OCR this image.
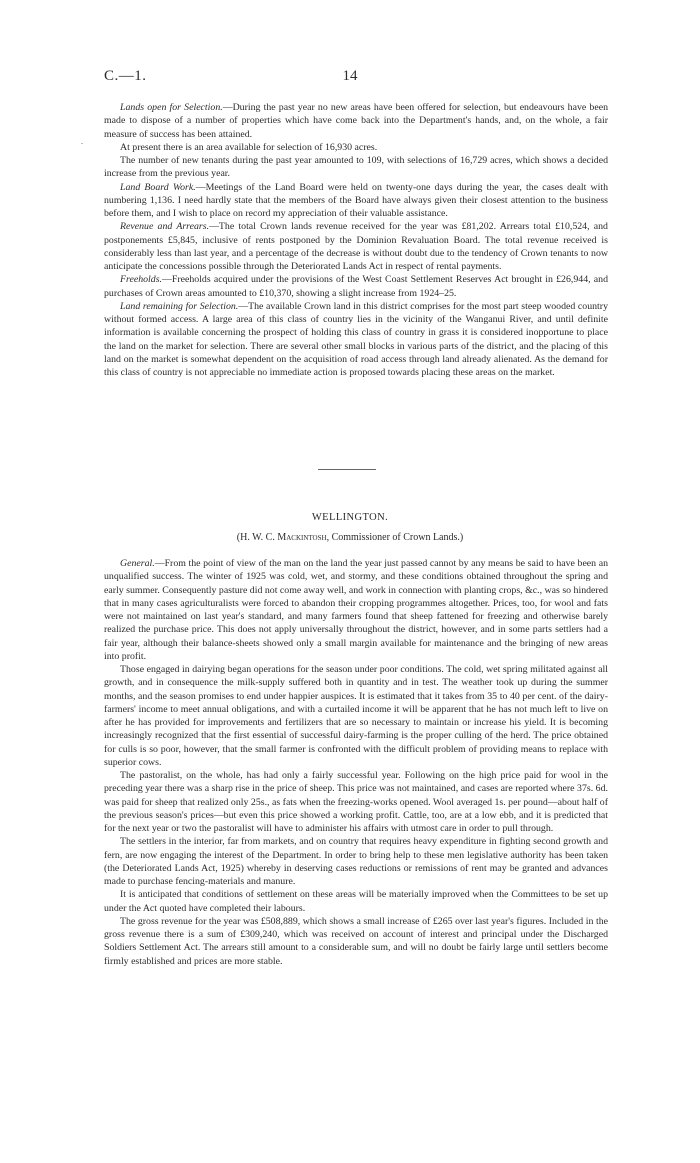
C.—1.	14
.

Lands open for Selection.—During the past year no new areas have been offered for selection, but endeavours have been made to dispose of a number of properties which have come back into the Department's hands, and, on the whole, a fair measure of success has been attained.

At present there is an area available for selection of 16,930 acres.

The number of new tenants during the past year amounted to 109, with selections of 16,729 acres, which shows a decided increase from the previous year.

Land Board Work.—Meetings of the Land Board were held on twenty-one days during the year, the cases dealt with numbering 1,136. I need hardly state that the members of the Board have always given their closest attention to the business before them, and I wish to place on record my appreciation of their valuable assistance.

Revenue and Arrears.—The total Crown lands revenue received for the year was £81,202. Arrears total £10,524, and postponements £5,845, inclusive of rents postponed by the Dominion Revaluation Board. The total revenue received is considerably less than last year, and a percentage of the decrease is without doubt due to the tendency of Crown tenants to now anticipate the concessions possible through the Deteriorated Lands Act in respect of rental payments.

Freeholds.—Freeholds acquired under the provisions of the West Coast Settlement Reserves Act brought in £26,944, and purchases of Crown areas amounted to £10,370, showing a slight increase from 1924–25.

Land remaining for Selection.—The available Crown land in this district comprises for the most part steep wooded country without formed access. A large area of this class of country lies in the vicinity of the Wanganui River, and until definite information is available concerning the prospect of holding this class of country in grass it is considered inopportune to place the land on the market for selection. There are several other small blocks in various parts of the district, and the placing of this land on the market is somewhat dependent on the acquisition of road access through land already alienated. As the demand for this class of country is not appreciable no immediate action is proposed towards placing these areas on the market.

WELLINGTON.
(H. W. C. Mackintosh, Commissioner of Crown Lands.)

General.—From the point of view of the man on the land the year just passed cannot by any means be said to have been an unqualified success. The winter of 1925 was cold, wet, and stormy, and these conditions obtained throughout the spring and early summer. Consequently pasture did not come away well, and work in connection with planting crops, &c., was so hindered that in many cases agriculturalists were forced to abandon their cropping programmes altogether. Prices, too, for wool and fats were not maintained on last year's standard, and many farmers found that sheep fattened for freezing and otherwise barely realized the purchase price. This does not apply universally throughout the district, however, and in some parts settlers had a fair year, although their balance-sheets showed only a small margin available for maintenance and the bringing of new areas into profit.

Those engaged in dairying began operations for the season under poor conditions. The cold, wet spring militated against all growth, and in consequence the milk-supply suffered both in quantity and in test. The weather took up during the summer months, and the season promises to end under happier auspices. It is estimated that it takes from 35 to 40 per cent. of the dairy-farmers' income to meet annual obligations, and with a curtailed income it will be apparent that he has not much left to live on after he has provided for improvements and fertilizers that are so necessary to maintain or increase his yield. It is becoming increasingly recognized that the first essential of successful dairy-farming is the proper culling of the herd. The price obtained for culls is so poor, however, that the small farmer is confronted with the difficult problem of providing means to replace with superior cows.

The pastoralist, on the whole, has had only a fairly successful year. Following on the high price paid for wool in the preceding year there was a sharp rise in the price of sheep. This price was not maintained, and cases are reported where 37s. 6d. was paid for sheep that realized only 25s., as fats when the freezing-works opened. Wool averaged 1s. per pound—about half of the previous season's prices—but even this price showed a working profit. Cattle, too, are at a low ebb, and it is predicted that for the next year or two the pastoralist will have to administer his affairs with utmost care in order to pull through.

The settlers in the interior, far from markets, and on country that requires heavy expenditure in fighting second growth and fern, are now engaging the interest of the Department. In order to bring help to these men legislative authority has been taken (the Deteriorated Lands Act, 1925) whereby in deserving cases reductions or remissions of rent may be granted and advances made to purchase fencing-materials and manure.

It is anticipated that conditions of settlement on these areas will be materially improved when the Committees to be set up under the Act quoted have completed their labours.

The gross revenue for the year was £508,889, which shows a small increase of £265 over last year's figures. Included in the gross revenue there is a sum of £309,240, which was received on account of interest and principal under the Discharged Soldiers Settlement Act. The arrears still amount to a considerable sum, and will no doubt be fairly large until settlers become firmly established and prices are more stable.
